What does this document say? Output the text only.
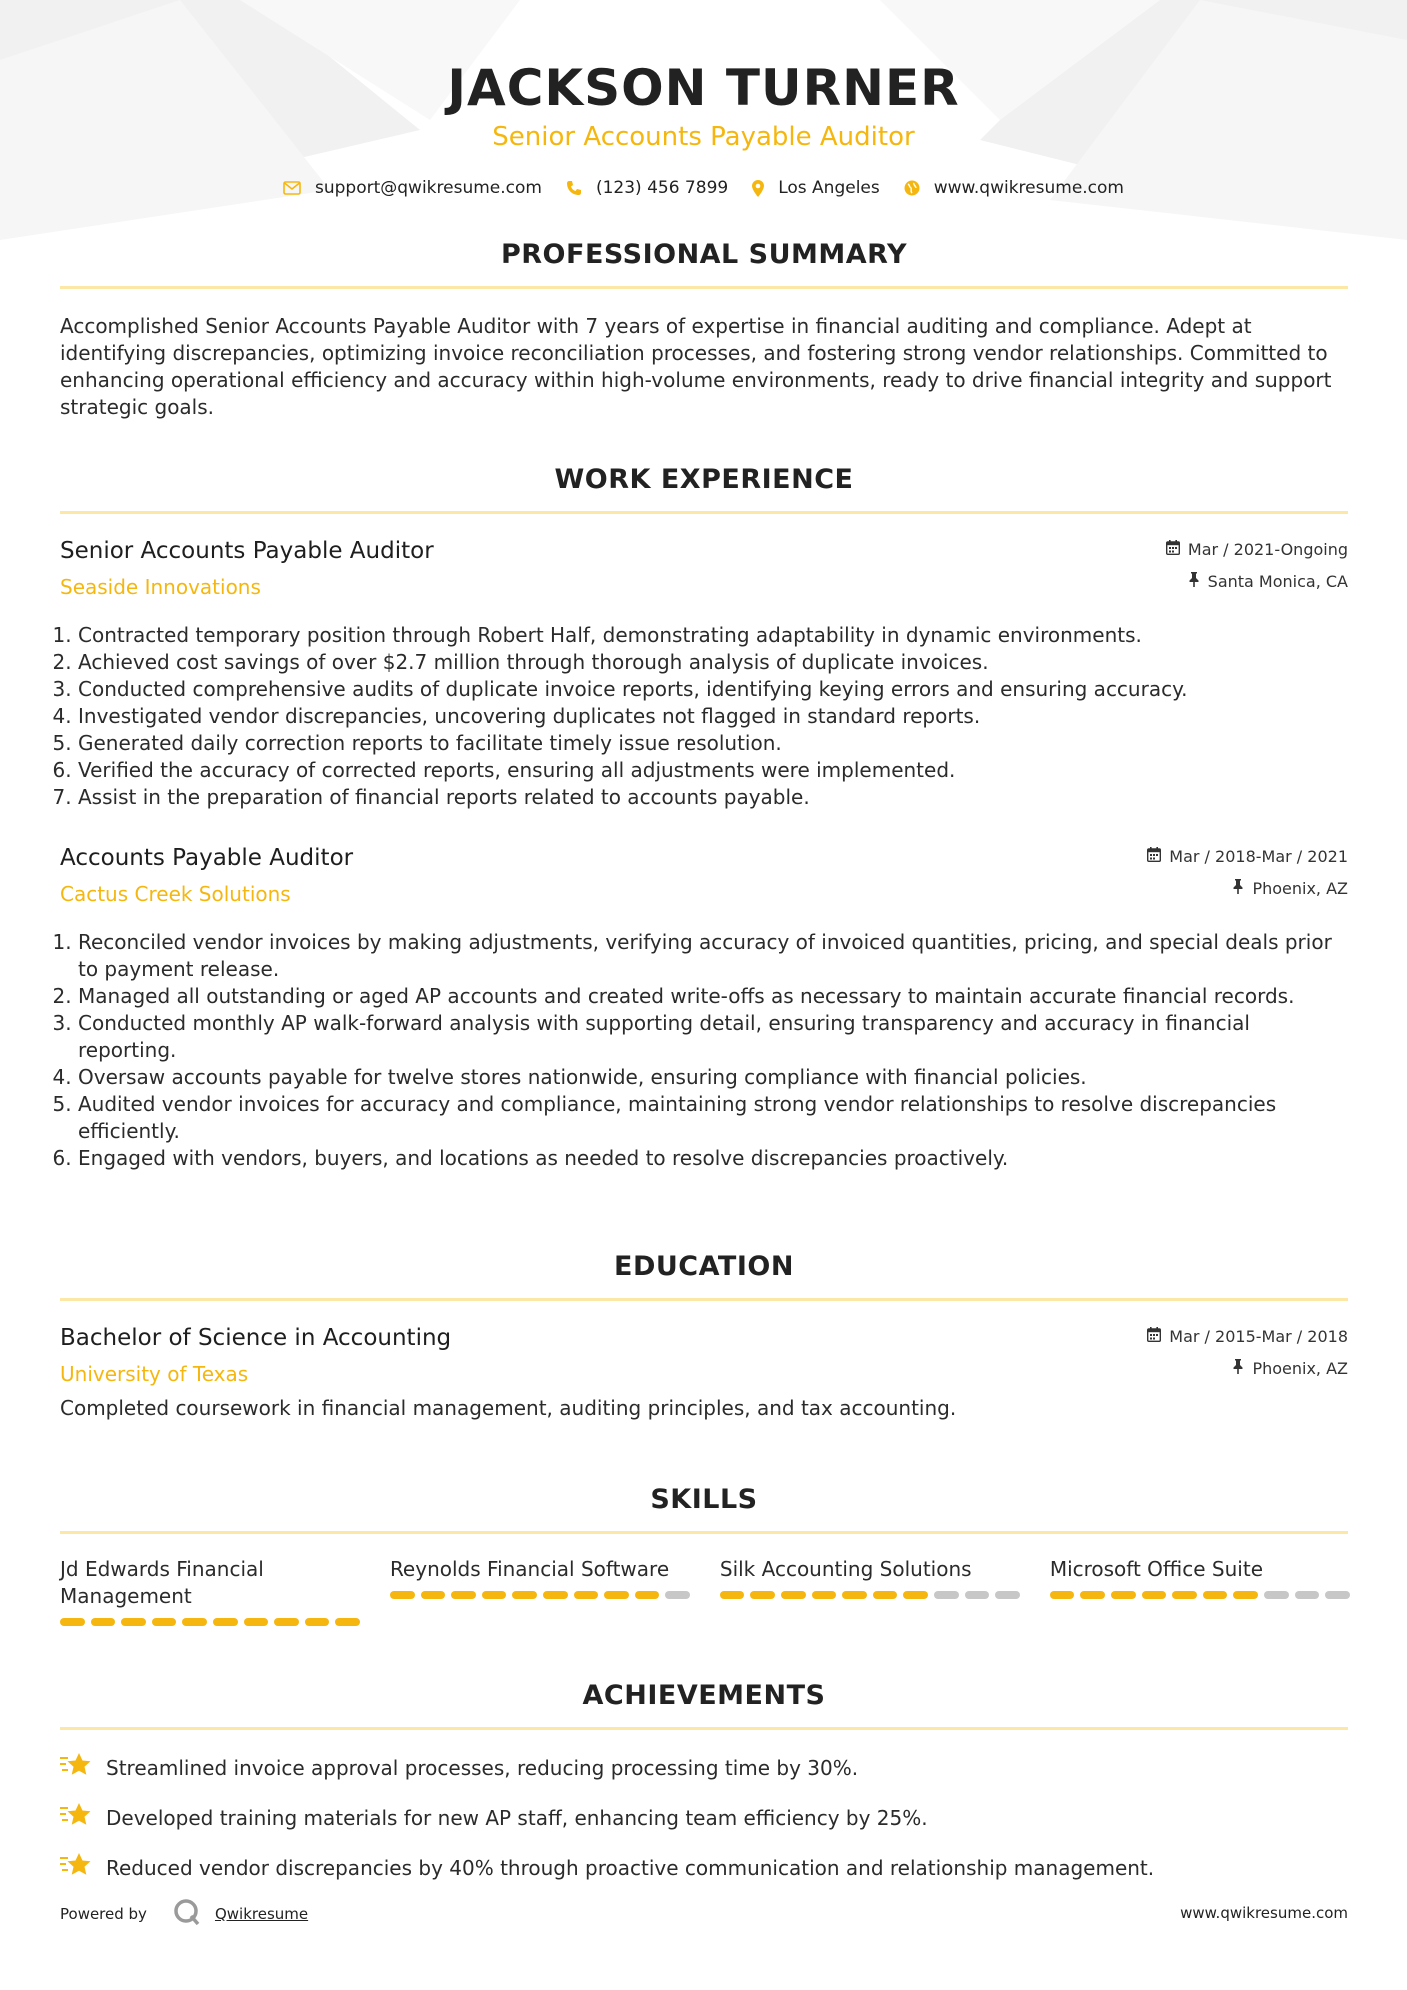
JACKSON TURNER
Senior Accounts Payable Auditor
support@qwikresume.com	(123) 456 7899	Los Angeles	www.qwikresume.com
PROFESSIONAL SUMMARY
Accomplished Senior Accounts Payable Auditor with 7 years of expertise in financial auditing and compliance. Adept at identifying discrepancies, optimizing invoice reconciliation processes, and fostering strong vendor relationships. Committed to enhancing operational efficiency and accuracy within high-volume environments, ready to drive financial integrity and support strategic goals.
WORK EXPERIENCE
Senior Accounts Payable Auditor
Seaside Innovations
Mar / 2021-Ongoing
Santa Monica, CA
1. Contracted temporary position through Robert Half, demonstrating adaptability in dynamic environments.
2. Achieved cost savings of over $2.7 million through thorough analysis of duplicate invoices.
3. Conducted comprehensive audits of duplicate invoice reports, identifying keying errors and ensuring accuracy.
4. Investigated vendor discrepancies, uncovering duplicates not flagged in standard reports.
5. Generated daily correction reports to facilitate timely issue resolution.
6. Verified the accuracy of corrected reports, ensuring all adjustments were implemented.
7. Assist in the preparation of financial reports related to accounts payable.
Accounts Payable Auditor
Cactus Creek Solutions
Mar / 2018-Mar / 2021
Phoenix, AZ
1. Reconciled vendor invoices by making adjustments, verifying accuracy of invoiced quantities, pricing, and special deals prior to payment release.
2. Managed all outstanding or aged AP accounts and created write-offs as necessary to maintain accurate financial records.
3. Conducted monthly AP walk-forward analysis with supporting detail, ensuring transparency and accuracy in financial reporting.
4. Oversaw accounts payable for twelve stores nationwide, ensuring compliance with financial policies.
5. Audited vendor invoices for accuracy and compliance, maintaining strong vendor relationships to resolve discrepancies efficiently.
6. Engaged with vendors, buyers, and locations as needed to resolve discrepancies proactively.
EDUCATION
Bachelor of Science in Accounting
University of Texas
Mar / 2015-Mar / 2018
Phoenix, AZ
Completed coursework in financial management, auditing principles, and tax accounting.
SKILLS
Jd Edwards Financial Management
Reynolds Financial Software	Silk Accounting Solutions	Microsoft Office Suite
ACHIEVEMENTS
Streamlined invoice approval processes, reducing processing time by 30%.
Developed training materials for new AP staff, enhancing team efficiency by 25%.
Reduced vendor discrepancies by 40% through proactive communication and relationship management.
Powered by	Qwikresume	www.qwikresume.com
